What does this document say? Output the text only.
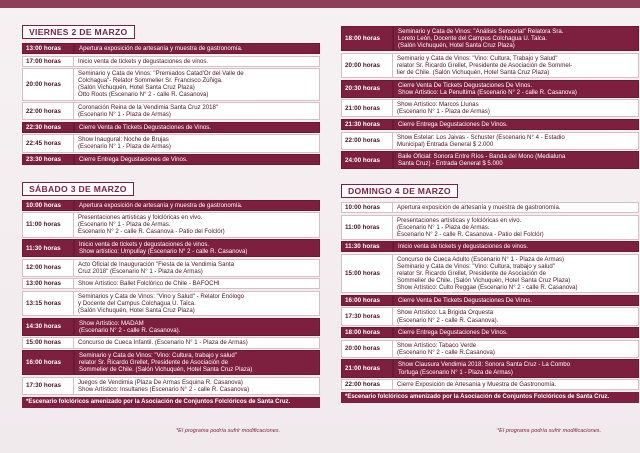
VIERNES 2 DE MARZO
13:00 horas	Apertura exposición de artesanía y muestra de gastronomía.
17:00 horas	Inicio venta de tickets y degustaciones de vinos.
20:00 horas
Seminario y Cata de Vinos: "Premiados Catad'Or del Valle de
Colchagua"- Relator Sommelier Sr. Francisco Zúñiga.
(Salón Vichuquén, Hotel Santa Cruz Plaza)
Otto Roots (Escenario N° 2 - calle R. Casanova)
22:00 horas
Coronación Reina de la Vendimia Santa Cruz 2018"
(Escenario N° 1 - Plaza de Armas)
22:30 horas	Cierre Venta de Tickets Degustaciones de Vinos.
22:45 horas
Show Inaugural: Noche de Brujas
(Escenario N° 1 - Plaza de Armas)
23:30 horas	Cierre Entrega Degustaciones de Vinos.
SÁBADO 3 DE MARZO
10:00 horas	Apertura exposición de artesanía y muestra de gastronomía.
11:00 horas
Presentaciones artísticas y folclóricas en vivo.
(Escenario N° 1 - Plaza de Armas.
Escenario N° 2 - calle R. Casanova - Patio del Folclór)
11:30 horas
Inicio venta de tickets y degustaciones de vinos.
Show artístico: Umpullay (Escenario N° 2 - calle R. Casanova)
12:00 horas
Acto Oficial de Inauguración "Fiesta de la Vendimia Santa
Cruz 2018" (Escenario N° 1 - Plaza de Armas)
13:00 horas	Show Artístico: Ballet Folclórico de Chile - BAFOCHI
13:15 horas
Seminarios y Cata de Vinos: "Vino y Salud" - Relator Enólogo
y Docente del Campus Colchagua U. Talca.
(Salón Vichuquén, Hotel Santa Cruz Plaza)
14:30 horas
Show Artístico: MADAM
(Escenario N° 2 - calle R. Casanova).
15:00 horas	Concurso de Cueca Infantil. (Escenario N° 1 - Plaza de Armas)
16:00 horas
Seminario y Cata de Vinos: "Vino: Cultura, trabajo y salud"
relator Sr. Ricardo Grellet, Presidente de Asociación de
Sommelier de Chile. (Salón Vichuquén, Hotel Santa Cruz Plaza)
17:30 horas
Juegos de Vendimia (Plaza De Armas Esquina R. Casanova)
Show Artístico: Insultanes (Escenario N° 2 - calle R. Casanova)
*Escenario folclóricos amenizado por la Asociación de Conjuntos Folclóricos de Santa Cruz.
18:00 horas
Seminario y Cata de Vinos: "Análisis Sensorial" Relatora Sra.
Loreto León, Docente del Campus Colchagua U. Talca.
(Salón Vichuquén, Hotel Santa Cruz Plaza)
20:00 horas
Seminario y Cata de Vinos: "Vino: Cultura, Trabajo y Salud"
relator Sr. Ricardo Grellet, Presidente de Asociación de Sommel-
lier de Chile. (Salón Vichuquén, Hotel Santa Cruz Plaza)
20:30 horas
Cierre Venta De Tickets Degustaciones De Vinos.
Show Artístico: La Penultima (Escenario N° 2 - calle R. Casanova)
21:00 horas
Show Artístico: Marcos Llunas
(Escenario N° 1 - Plaza de Armas)
21:30 horas	Cierre Entrega Degustaciones De Vinos.
22:00 horas
Show Estelar: Los Jaivas - Schuster (Escenario N° 4 - Estadio
Municipal) Entrada General $ 2.000
24:00 horas
Baile Oficial: Sonora Entre Ríos - Banda del Mono (Medialuna
Santa Cruz) - Entrada General $ 5.000
DOMINGO 4 DE MARZO
10:00 horas	Apertura exposición de artesanía y muestra de gastronomía.
11:00 horas
Presentaciones artísticas y folclóricas en vivo.
(Escenario N° 1 - Plaza de Armas.
Escenario N° 2 - calle R. Casanova - Patio del Folclór)
11:30 horas	Inicio venta de tickets y degustaciones de vinos.
15:00 horas
Concurso de Cueca Adulto (Escenario N° 1 - Plaza de Armas)
Seminario y Cata de Vinos: "Vino: Cultura, trabajo y salud"
relator Sr. Ricardo Grellet, Presidente de Asociación de
Sommelier de Chile. (Salón Vichuquén, Hotel Santa Cruz Plaza)
Show Artístico: Culto Reggae (Escenario N° 2 - calle R. Casanova)
16:00 horas	Cierre Venta De Tickets Degustaciones De Vinos.
17:30 horas
Show Artístico: La Brigida Orquesta
(Escenario N° 2 - calle R. Casanova).
18:00 horas	Cierre Entrega Degustaciones De Vinos.
20:00 horas
Show Artístico: Tabaco Verde
(Escenario N° 2 - calle R.Casanova)
21:00 horas
Show Clausura Vendimia 2018: Sonora Santa Cruz - La Combo
Tortuga (Escenario N° 1 - Plaza de Armas)
22:00 horas	Cierre Exposición de Artesanía y Muestra de Gastronomía.
*Escenario folclóricos amenizado por la Asociación de Conjuntos Folclóricos de Santa Cruz.
*El programa podría sufrir modificaciones.	*El programa podría sufrir modificaciones.
